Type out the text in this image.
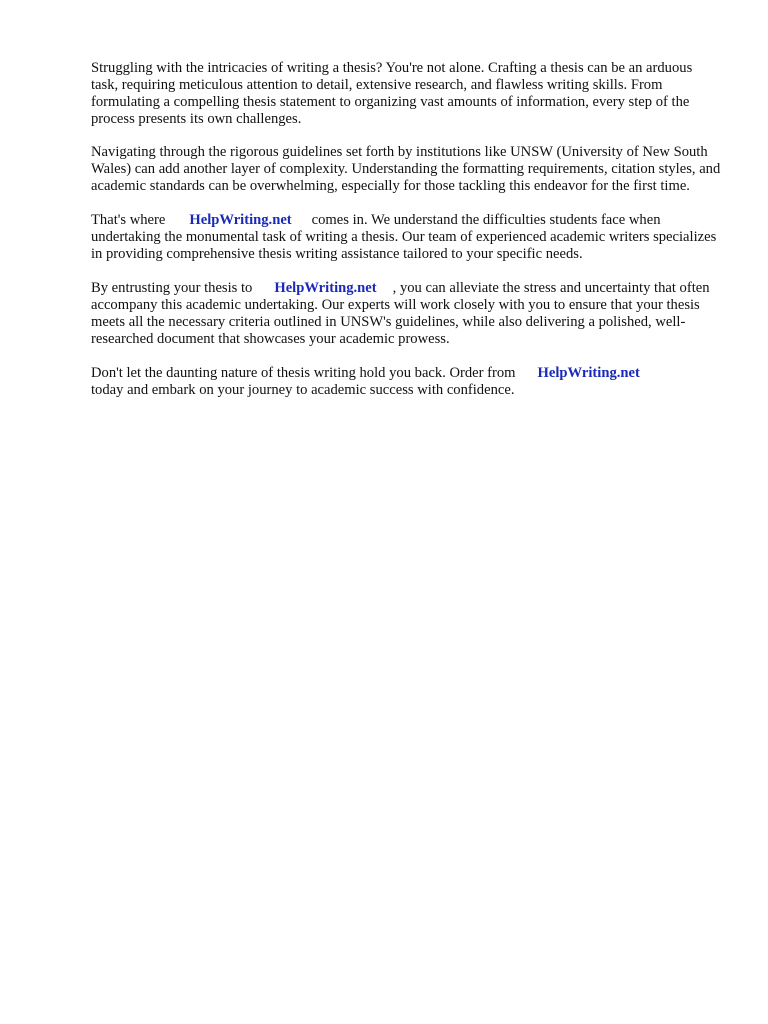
Struggling with the intricacies of writing a thesis? You're not alone. Crafting a thesis can be an arduous task, requiring meticulous attention to detail, extensive research, and flawless writing skills. From formulating a compelling thesis statement to organizing vast amounts of information, every step of the process presents its own challenges.

Navigating through the rigorous guidelines set forth by institutions like UNSW (University of New South Wales) can add another layer of complexity. Understanding the formatting requirements, citation styles, and academic standards can be overwhelming, especially for those tackling this endeavor for the first time.

That's where HelpWriting.net comes in. We understand the difficulties students face when undertaking the monumental task of writing a thesis. Our team of experienced academic writers specializes in providing comprehensive thesis writing assistance tailored to your specific needs.

By entrusting your thesis to HelpWriting.net , you can alleviate the stress and uncertainty that often accompany this academic undertaking. Our experts will work closely with you to ensure that your thesis meets all the necessary criteria outlined in UNSW's guidelines, while also delivering a polished, well-researched document that showcases your academic prowess.

Don't let the daunting nature of thesis writing hold you back. Order from HelpWriting.net
today and embark on your journey to academic success with confidence.
